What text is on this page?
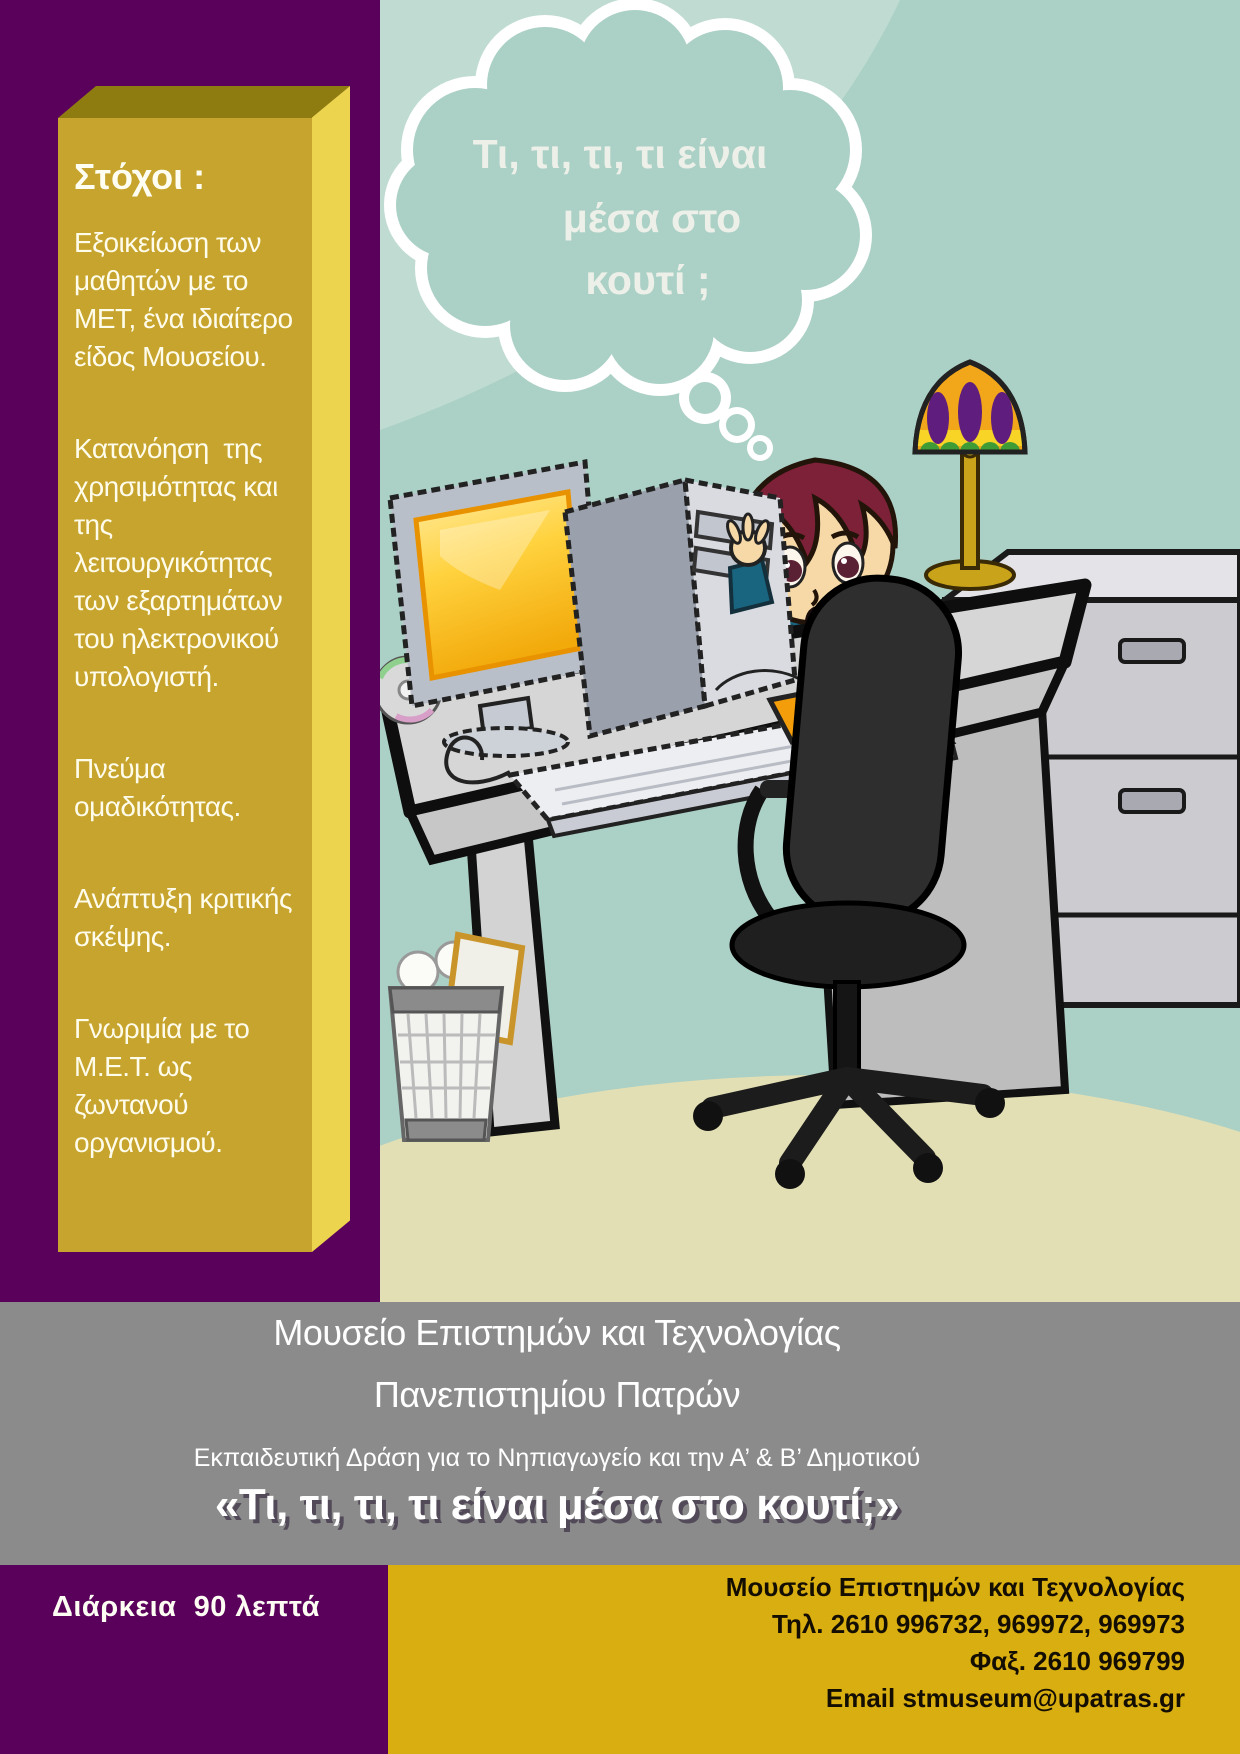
Στόχοι :

Εξοικείωση των μαθητών με το ΜΕΤ, ένα ιδιαίτερο είδος Μουσείου.

Κατανόηση  της χρησιμότητας και της λειτουργικότητας των εξαρτημάτων του ηλεκτρονικού υπολογιστή.

Πνεύμα ομαδικότητας.

Ανάπτυξη κριτικής σκέψης.

Γνωριμία με το Μ.Ε.Τ. ως ζωντανού οργανισμού.

Τι, τι, τι, τι είναι
μέσα στο
κουτί ;
Μουσείο Επιστημών και Τεχνολογίας
Πανεπιστημίου Πατρών
Εκπαιδευτική Δράση για το Νηπιαγωγείο και την Α’ & Β’ Δημοτικού
«Τι, τι, τι, τι είναι μέσα στο κουτί;»
Διάρκεια  90 λεπτά
Μουσείο Επιστημών και Τεχνολογίας
Τηλ. 2610 996732, 969972, 969973
Φαξ. 2610 969799
Email stmuseum@upatras.gr
